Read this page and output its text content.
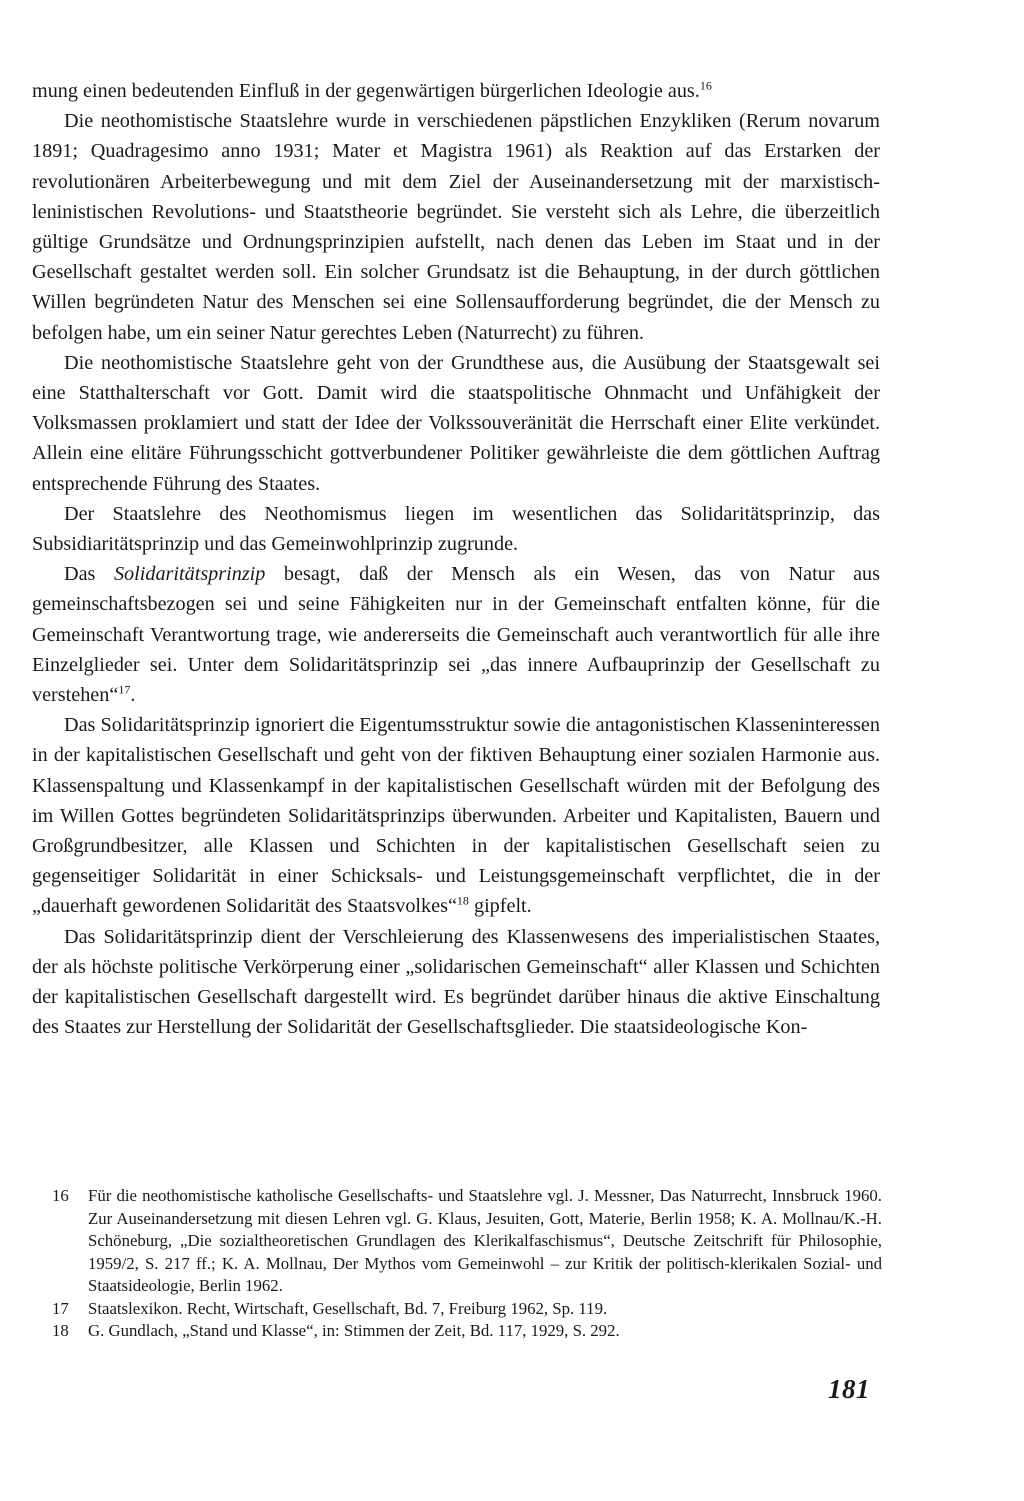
mung einen bedeutenden Einfluß in der gegenwärtigen bürgerlichen Ideologie aus.$^{16}$

Die neothomistische Staatslehre wurde in verschiedenen päpstlichen Enzykliken (Rerum novarum 1891; Quadragesimo anno 1931; Mater et Magistra 1961) als Reaktion auf das Erstarken der revolutionären Arbeiterbewegung und mit dem Ziel der Auseinandersetzung mit der marxistisch-leninistischen Revolutions- und Staatstheorie begründet. Sie versteht sich als Lehre, die überzeitlich gültige Grundsätze und Ordnungsprinzipien aufstellt, nach denen das Leben im Staat und in der Gesellschaft gestaltet werden soll. Ein solcher Grundsatz ist die Behauptung, in der durch göttlichen Willen begründeten Natur des Menschen sei eine Sollensaufforderung begründet, die der Mensch zu befolgen habe, um ein seiner Natur gerechtes Leben (Naturrecht) zu führen.

Die neothomistische Staatslehre geht von der Grundthese aus, die Ausübung der Staatsgewalt sei eine Statthalterschaft vor Gott. Damit wird die staatspolitische Ohnmacht und Unfähigkeit der Volksmassen proklamiert und statt der Idee der Volkssouveränität die Herrschaft einer Elite verkündet. Allein eine elitäre Führungsschicht gottverbundener Politiker gewährleiste die dem göttlichen Auftrag entsprechende Führung des Staates.

Der Staatslehre des Neothomismus liegen im wesentlichen das Solidaritätsprinzip, das Subsidiaritätsprinzip und das Gemeinwohlprinzip zugrunde.

Das Solidaritätsprinzip besagt, daß der Mensch als ein Wesen, das von Natur aus gemeinschaftsbezogen sei und seine Fähigkeiten nur in der Gemeinschaft entfalten könne, für die Gemeinschaft Verantwortung trage, wie andererseits die Gemeinschaft auch verantwortlich für alle ihre Einzelglieder sei. Unter dem Solidaritätsprinzip sei „das innere Aufbauprinzip der Gesellschaft zu verstehen“$^{17}$.

Das Solidaritätsprinzip ignoriert die Eigentumsstruktur sowie die antagonistischen Klasseninteressen in der kapitalistischen Gesellschaft und geht von der fiktiven Behauptung einer sozialen Harmonie aus. Klassenspaltung und Klassenkampf in der kapitalistischen Gesellschaft würden mit der Befolgung des im Willen Gottes begründeten Solidaritätsprinzips überwunden. Arbeiter und Kapitalisten, Bauern und Großgrundbesitzer, alle Klassen und Schichten in der kapitalistischen Gesellschaft seien zu gegenseitiger Solidarität in einer Schicksals- und Leistungsgemeinschaft verpflichtet, die in der „dauerhaft gewordenen Solidarität des Staatsvolkes“$^{18}$ gipfelt.

Das Solidaritätsprinzip dient der Verschleierung des Klassenwesens des imperialistischen Staates, der als höchste politische Verkörperung einer „solidarischen Gemeinschaft“ aller Klassen und Schichten der kapitalistischen Gesellschaft dargestellt wird. Es begründet darüber hinaus die aktive Einschaltung des Staates zur Herstellung der Solidarität der Gesellschaftsglieder. Die staatsideologische Kon-

16 Für die neothomistische katholische Gesellschafts- und Staatslehre vgl. J. Messner, Das Naturrecht, Innsbruck 1960. Zur Auseinandersetzung mit diesen Lehren vgl. G. Klaus, Jesuiten, Gott, Materie, Berlin 1958; K. A. Mollnau/K.-H. Schöneburg, „Die sozialtheoretischen Grundlagen des Klerikalfaschismus“, Deutsche Zeitschrift für Philosophie, 1959/2, S. 217 ff.; K. A. Mollnau, Der Mythos vom Gemeinwohl – zur Kritik der politisch-klerikalen Sozial- und Staatsideologie, Berlin 1962.
17 Staatslexikon. Recht, Wirtschaft, Gesellschaft, Bd. 7, Freiburg 1962, Sp. 119.
18 G. Gundlach, „Stand und Klasse“, in: Stimmen der Zeit, Bd. 117, 1929, S. 292.
181
